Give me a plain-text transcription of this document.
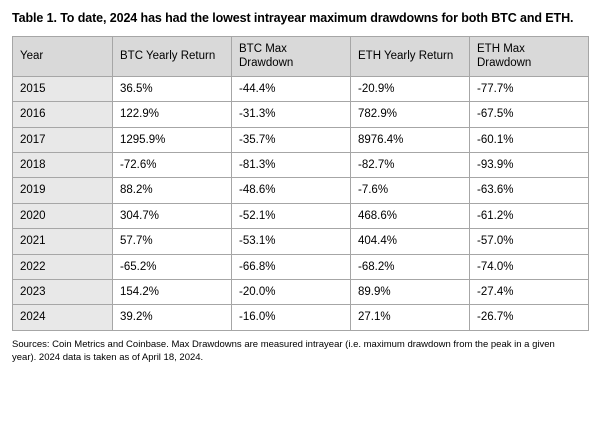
Table 1. To date, 2024 has had the lowest intrayear maximum drawdowns for both BTC and ETH.
Year	BTC Yearly Return	BTC Max Drawdown	ETH Yearly Return	ETH Max Drawdown
2015	36.5%	-44.4%	-20.9%	-77.7%
2016	122.9%	-31.3%	782.9%	-67.5%
2017	1295.9%	-35.7%	8976.4%	-60.1%
2018	-72.6%	-81.3%	-82.7%	-93.9%
2019	88.2%	-48.6%	-7.6%	-63.6%
2020	304.7%	-52.1%	468.6%	-61.2%
2021	57.7%	-53.1%	404.4%	-57.0%
2022	-65.2%	-66.8%	-68.2%	-74.0%
2023	154.2%	-20.0%	89.9%	-27.4%
2024	39.2%	-16.0%	27.1%	-26.7%
Sources: Coin Metrics and Coinbase. Max Drawdowns are measured intrayear (i.e. maximum drawdown from the peak in a given year). 2024 data is taken as of April 18, 2024.
